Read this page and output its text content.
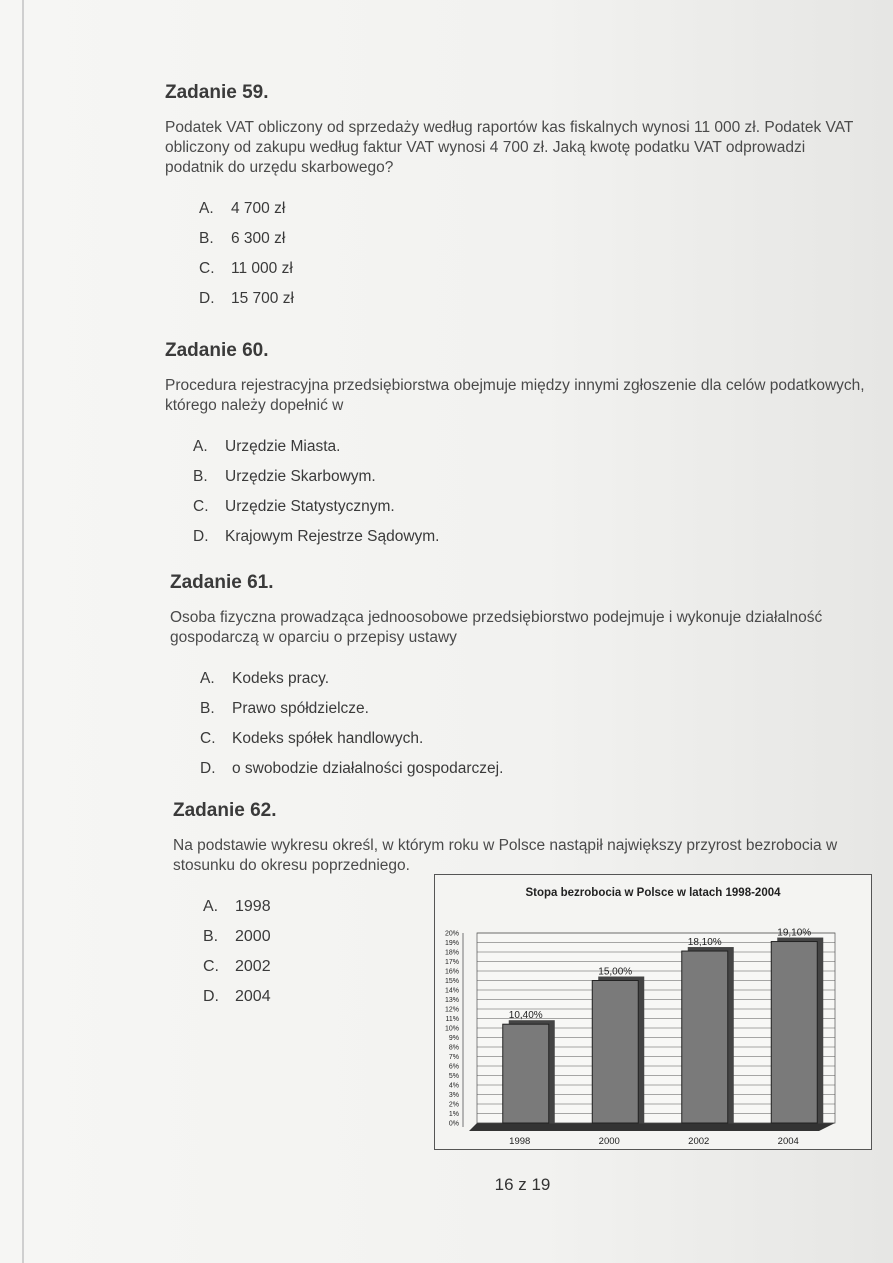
Zadanie 59.

Podatek VAT obliczony od sprzedaży według raportów kas fiskalnych wynosi 11 000 zł. Podatek VAT obliczony od zakupu według faktur VAT wynosi 4 700 zł. Jaką kwotę podatku VAT odprowadzi podatnik do urzędu skarbowego?

A. 4 700 zł
B. 6 300 zł
C. 11 000 zł
D. 15 700 zł
Zadanie 60.

Procedura rejestracyjna przedsiębiorstwa obejmuje między innymi zgłoszenie dla celów podatkowych, którego należy dopełnić w

A. Urzędzie Miasta.
B. Urzędzie Skarbowym.
C. Urzędzie Statystycznym.
D. Krajowym Rejestrze Sądowym.
Zadanie 61.

Osoba fizyczna prowadząca jednoosobowe przedsiębiorstwo podejmuje i wykonuje działalność gospodarczą w oparciu o przepisy ustawy

A. Kodeks pracy.
B. Prawo spółdzielcze.
C. Kodeks spółek handlowych.
D. o swobodzie działalności gospodarczej.
Zadanie 62.

Na podstawie wykresu określ, w którym roku w Polsce nastąpił największy przyrost bezrobocia w stosunku do okresu poprzedniego.

A. 1998
B. 2000
C. 2002
D. 2004
Stopa bezrobocia w Polsce w latach 1998-2004
0%
1%
2%
3%
4%
5%
6%
7%
8%
9%
10%
11%
12%
13%
14%
15%
16%
17%
18%
19%
20%
10,40%
1998
15,00%
2000
18,10%
2002
19,10%
2004
16 z 19
